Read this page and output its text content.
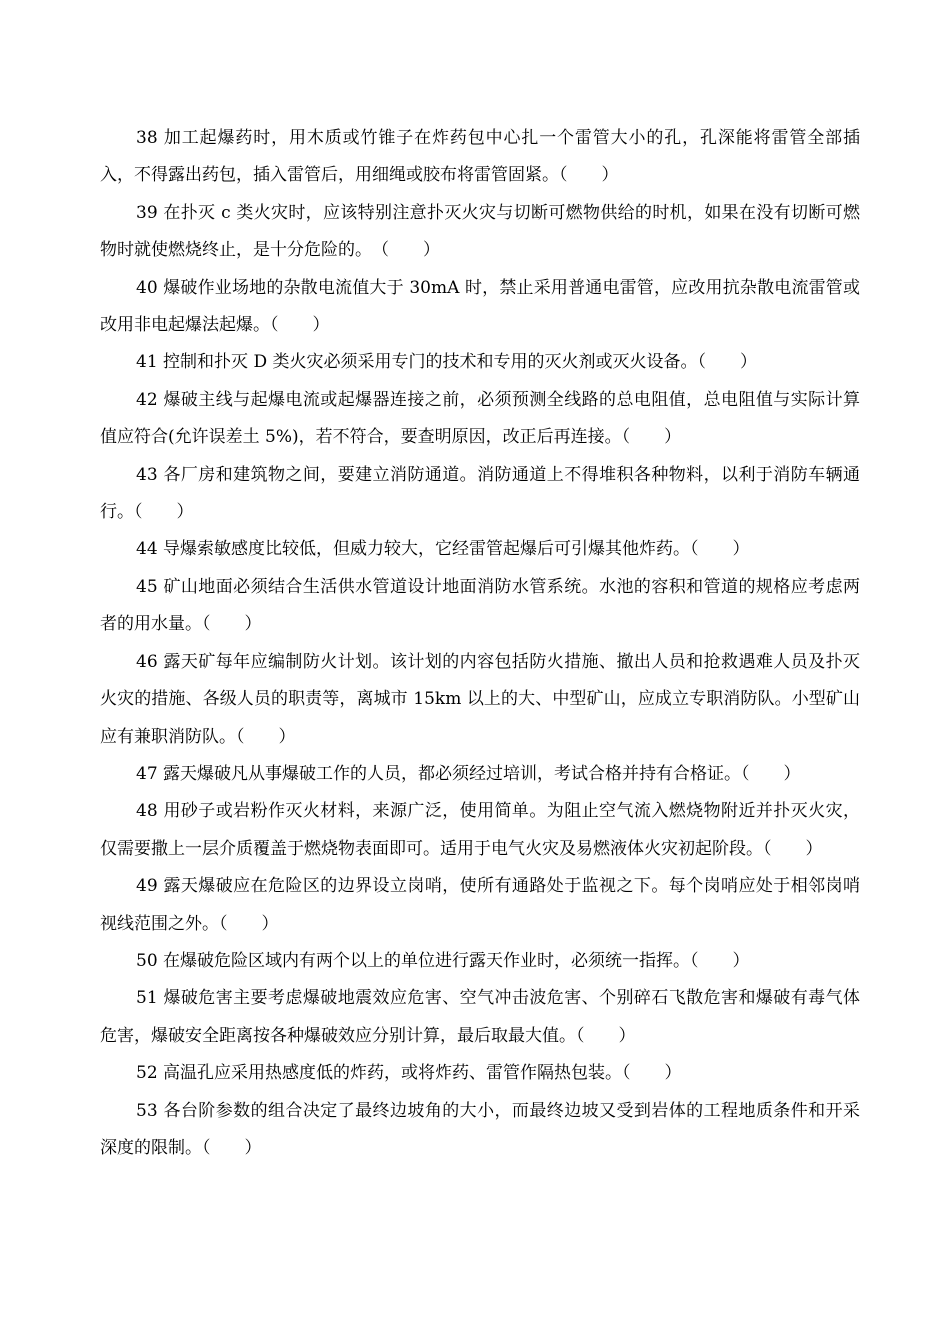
38 加工起爆药时，用木质或竹锥子在炸药包中心扎一个雷管大小的孔，孔深能将雷管全部插入，不得露出药包，插入雷管后，用细绳或胶布将雷管固紧。（　　）

39 在扑灭 c 类火灾时，应该特别注意扑灭火灾与切断可燃物供给的时机，如果在没有切断可燃物时就使燃烧终止，是十分危险的。　（　　）

40 爆破作业场地的杂散电流值大于 30mA 时，禁止采用普通电雷管，应改用抗杂散电流雷管或改用非电起爆法起爆。（　　）

41 控制和扑灭 D 类火灾必须采用专门的技术和专用的灭火剂或灭火设备。（　　）

42 爆破主线与起爆电流或起爆器连接之前，必须预测全线路的总电阻值，总电阻值与实际计算值应符合(允许误差土 5%)，若不符合，要查明原因，改正后再连接。（　　）

43 各厂房和建筑物之间，要建立消防通道。消防通道上不得堆积各种物料，以利于消防车辆通行。（　　）

44 导爆索敏感度比较低，但威力较大，它经雷管起爆后可引爆其他炸药。（　　）

45 矿山地面必须结合生活供水管道设计地面消防水管系统。水池的容积和管道的规格应考虑两者的用水量。（　　）

46 露天矿每年应编制防火计划。该计划的内容包括防火措施、撤出人员和抢救遇难人员及扑灭火灾的措施、各级人员的职责等，离城市 15km 以上的大、中型矿山，应成立专职消防队。小型矿山应有兼职消防队。（　　）

47 露天爆破凡从事爆破工作的人员，都必须经过培训，考试合格并持有合格证。（　　）

48 用砂子或岩粉作灭火材料，来源广泛，使用简单。为阻止空气流入燃烧物附近并扑灭火灾，仅需要撒上一层介质覆盖于燃烧物表面即可。适用于电气火灾及易燃液体火灾初起阶段。（　　）

49 露天爆破应在危险区的边界设立岗哨，使所有通路处于监视之下。每个岗哨应处于相邻岗哨视线范围之外。（　　）

50 在爆破危险区域内有两个以上的单位进行露天作业时，必须统一指挥。（　　）

51 爆破危害主要考虑爆破地震效应危害、空气冲击波危害、个别碎石飞散危害和爆破有毒气体危害，爆破安全距离按各种爆破效应分别计算，最后取最大值。（　　）

52 高温孔应采用热感度低的炸药，或将炸药、雷管作隔热包装。（　　）

53 各台阶参数的组合决定了最终边坡角的大小，而最终边坡又受到岩体的工程地质条件和开采深度的限制。（　　）
